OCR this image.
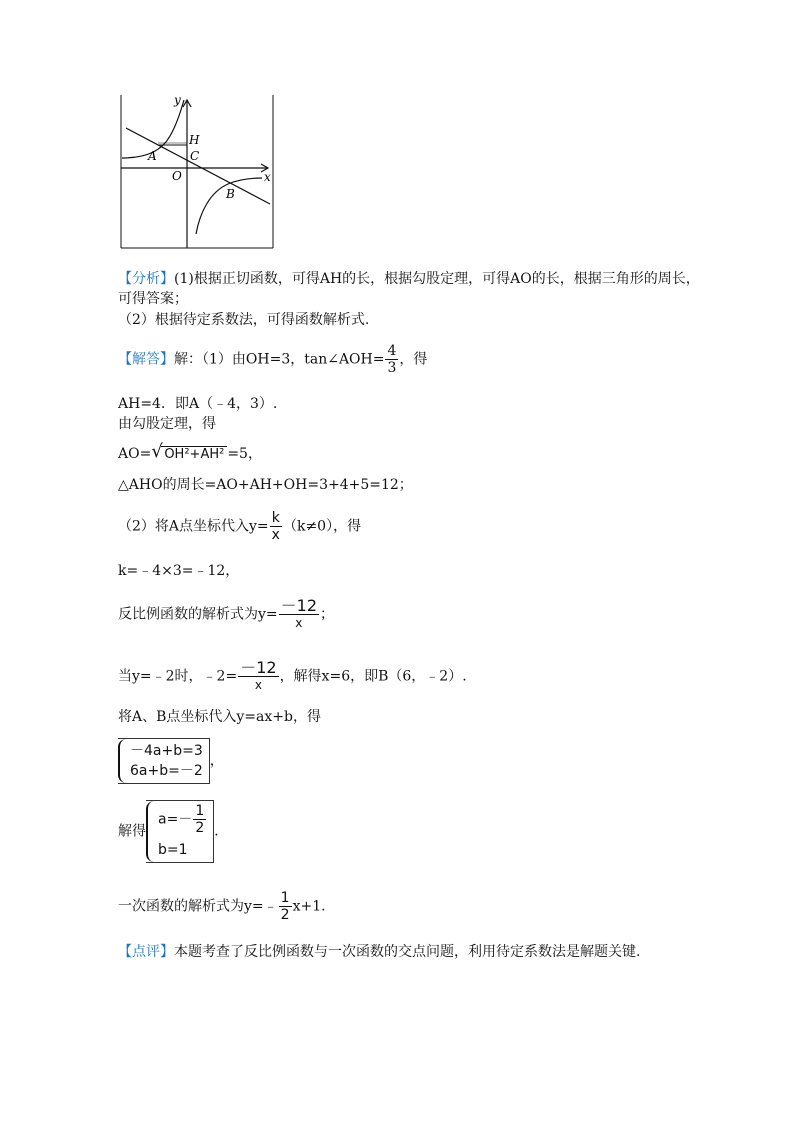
y
H
A	C
O	x
B
【分析】(1)根据正切函数，可得AH的长，根据勾股定理，可得AO的长，根据三角形的周长，
可得答案；
（2）根据待定系数法，可得函数解析式.
【解答】解：（1）由OH=3，tan∠AOH= $\frac{4}{3}$ ，得
AH=4．即A（﹣4，3）.
由勾股定理，得
AO= √ OH²+AH² =5，
△AHO的周长=AO+AH+OH=3+4+5=12；
（2）将A点坐标代入$y= \frac{k}{x} (k\ne 0)$，得
k=﹣4×3=﹣12，
反比例函数的解析式为$y= \frac{-12}{x}$ ；
当y=﹣2时，﹣2= $\frac{-12}{x}$ ，解得x=6，即B（6，﹣2）.
将A、B点坐标代入y=ax+b，得
－4a+b=3
6a+b=－2
，
解得
$a=- \frac{1}{2}$
b=1
．
一次函数的解析式为y=﹣ $\frac{1}{2} x+1$.
【点评】本题考查了反比例函数与一次函数的交点问题，利用待定系数法是解题关键.
